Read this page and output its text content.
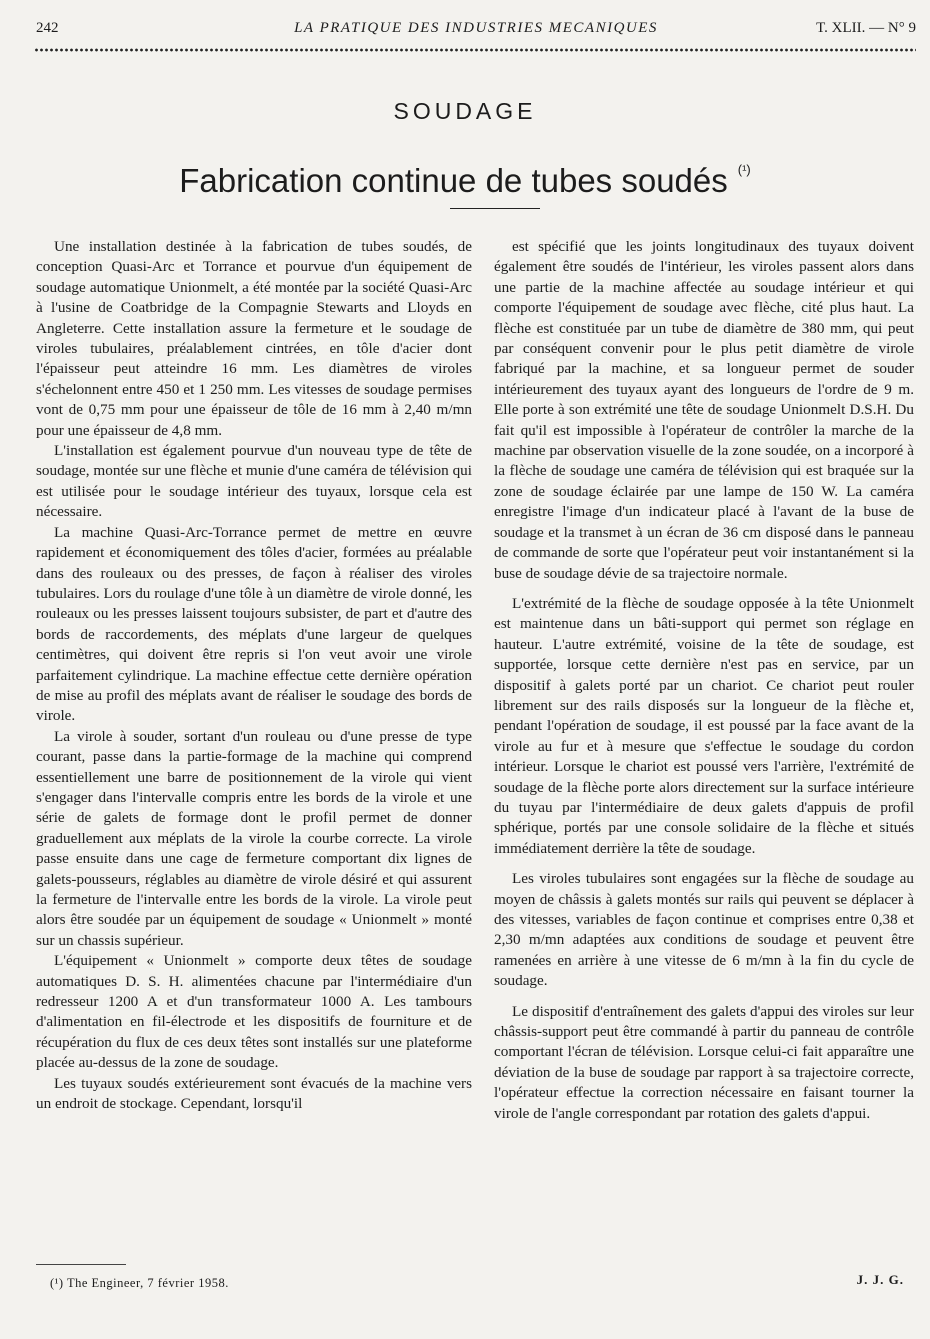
242	LA PRATIQUE DES INDUSTRIES MECANIQUES	T. XLII. — N° 9
SOUDAGE
Fabrication continue de tubes soudés $^{(^1)}$

Une installation destinée à la fabrication de tubes soudés, de conception Quasi-Arc et Torrance et pourvue d'un équipement de soudage automatique Unionmelt, a été montée par la société Quasi-Arc à l'usine de Coatbridge de la Compagnie Stewarts and Lloyds en Angleterre. Cette installation assure la fermeture et le soudage de viroles tubulaires, préalablement cintrées, en tôle d'acier dont l'épaisseur peut atteindre 16 mm. Les diamètres de viroles s'échelonnent entre 450 et 1 250 mm. Les vitesses de soudage permises vont de 0,75 mm pour une épaisseur de tôle de 16 mm à 2,40 m/mn pour une épaisseur de 4,8 mm.

L'installation est également pourvue d'un nouveau type de tête de soudage, montée sur une flèche et munie d'une caméra de télévision qui est utilisée pour le soudage intérieur des tuyaux, lorsque cela est nécessaire.

La machine Quasi-Arc-Torrance permet de mettre en œuvre rapidement et économiquement des tôles d'acier, formées au préalable dans des rouleaux ou des presses, de façon à réaliser des viroles tubulaires. Lors du roulage d'une tôle à un diamètre de virole donné, les rouleaux ou les presses laissent toujours subsister, de part et d'autre des bords de raccordements, des méplats d'une largeur de quelques centimètres, qui doivent être repris si l'on veut avoir une virole parfaitement cylindrique. La machine effectue cette dernière opération de mise au profil des méplats avant de réaliser le soudage des bords de virole.

La virole à souder, sortant d'un rouleau ou d'une presse de type courant, passe dans la partie-formage de la machine qui comprend essentiellement une barre de positionnement de la virole qui vient s'engager dans l'intervalle compris entre les bords de la virole et une série de galets de formage dont le profil permet de donner graduellement aux méplats de la virole la courbe correcte. La virole passe ensuite dans une cage de fermeture comportant dix lignes de galets-pousseurs, réglables au diamètre de virole désiré et qui assurent la fermeture de l'intervalle entre les bords de la virole. La virole peut alors être soudée par un équipement de soudage « Unionmelt » monté sur un chassis supérieur.

L'équipement « Unionmelt » comporte deux têtes de soudage automatiques D. S. H. alimentées chacune par l'intermédiaire d'un redresseur 1200 A et d'un transformateur 1000 A. Les tambours d'alimentation en fil-électrode et les dispositifs de fourniture et de récupération du flux de ces deux têtes sont installés sur une plateforme placée au-dessus de la zone de soudage.

Les tuyaux soudés extérieurement sont évacués de la machine vers un endroit de stockage. Cependant, lorsqu'il

est spécifié que les joints longitudinaux des tuyaux doivent également être soudés de l'intérieur, les viroles passent alors dans une partie de la machine affectée au soudage intérieur et qui comporte l'équipement de soudage avec flèche, cité plus haut. La flèche est constituée par un tube de diamètre de 380 mm, qui peut par conséquent convenir pour le plus petit diamètre de virole fabriqué par la machine, et sa longueur permet de souder intérieurement des tuyaux ayant des longueurs de l'ordre de 9 m. Elle porte à son extrémité une tête de soudage Unionmelt D.S.H. Du fait qu'il est impossible à l'opérateur de contrôler la marche de la machine par observation visuelle de la zone soudée, on a incorporé à la flèche de soudage une caméra de télévision qui est braquée sur la zone de soudage éclairée par une lampe de 150 W. La caméra enregistre l'image d'un indicateur placé à l'avant de la buse de soudage et la transmet à un écran de 36 cm disposé dans le panneau de commande de sorte que l'opérateur peut voir instantanément si la buse de soudage dévie de sa trajectoire normale.

L'extrémité de la flèche de soudage opposée à la tête Unionmelt est maintenue dans un bâti-support qui permet son réglage en hauteur. L'autre extrémité, voisine de la tête de soudage, est supportée, lorsque cette dernière n'est pas en service, par un dispositif à galets porté par un chariot. Ce chariot peut rouler librement sur des rails disposés sur la longueur de la flèche et, pendant l'opération de soudage, il est poussé par la face avant de la virole au fur et à mesure que s'effectue le soudage du cordon intérieur. Lorsque le chariot est poussé vers l'arrière, l'extrémité de soudage de la flèche porte alors directement sur la surface intérieure du tuyau par l'intermédiaire de deux galets d'appuis de profil sphérique, portés par une console solidaire de la flèche et situés immédiatement derrière la tête de soudage.

Les viroles tubulaires sont engagées sur la flèche de soudage au moyen de châssis à galets montés sur rails qui peuvent se déplacer à des vitesses, variables de façon continue et comprises entre 0,38 et 2,30 m/mn adaptées aux conditions de soudage et peuvent être ramenées en arrière à une vitesse de 6 m/mn à la fin du cycle de soudage.

Le dispositif d'entraînement des galets d'appui des viroles sur leur châssis-support peut être commandé à partir du panneau de contrôle comportant l'écran de télévision. Lorsque celui-ci fait apparaître une déviation de la buse de soudage par rapport à sa trajectoire correcte, l'opérateur effectue la correction nécessaire en faisant tourner la virole de l'angle correspondant par rotation des galets d'appui.

(¹) The Engineer, 7 février 1958.	J. J. G.
